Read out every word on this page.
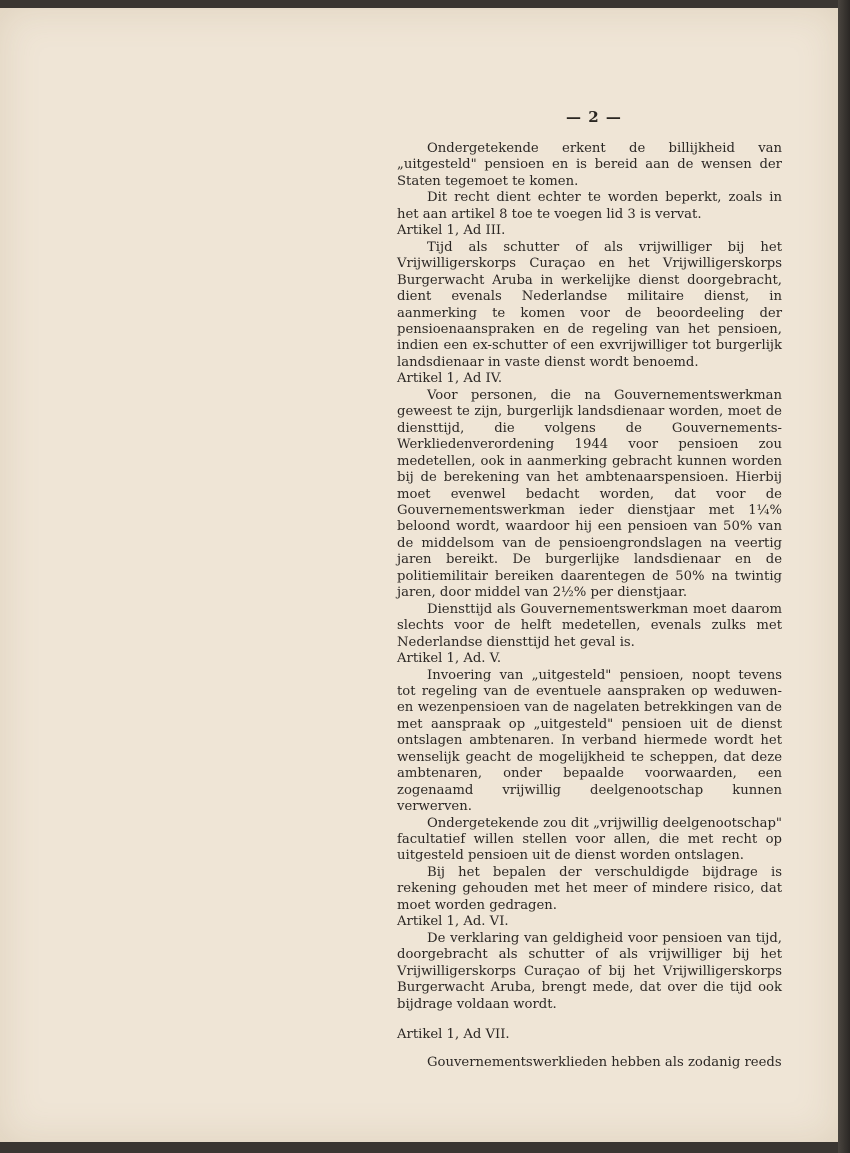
— 2 —

Ondergetekende erkent de billijkheid van „uitgesteld" pensioen en is bereid aan de wensen der Staten tegemoet te komen.

Dit recht dient echter te worden beperkt, zoals in het aan artikel 8 toe te voegen lid 3 is vervat.

Artikel 1, Ad III.

Tijd als schutter of als vrijwilliger bij het Vrijwilligerskorps Curaçao en het Vrijwilligerskorps Burgerwacht Aruba in werkelijke dienst doorgebracht, dient evenals Nederlandse militaire dienst, in aanmerking te komen voor de beoordeeling der pensioenaanspraken en de regeling van het pensioen, indien een ex-schutter of een exvrijwilliger tot burgerlijk landsdienaar in vaste dienst wordt benoemd.

Artikel 1, Ad IV.

Voor personen, die na Gouvernementswerkman geweest te zijn, burgerlijk landsdienaar worden, moet de diensttijd, die volgens de Gouvernements-Werkliedenverordening 1944 voor pensioen zou medetellen, ook in aanmerking gebracht kunnen worden bij de berekening van het ambtenaarspensioen. Hierbij moet evenwel bedacht worden, dat voor de Gouvernementswerkman ieder dienstjaar met 1¼% beloond wordt, waardoor hij een pensioen van 50% van de middelsom van de pensioengrondslagen na veertig jaren bereikt. De burgerlijke landsdienaar en de politiemilitair bereiken daarentegen de 50% na twintig jaren, door middel van 2½% per dienstjaar.

Diensttijd als Gouvernementswerkman moet daarom slechts voor de helft medetellen, evenals zulks met Nederlandse diensttijd het geval is.

Artikel 1, Ad. V.

Invoering van „uitgesteld" pensioen, noopt tevens tot regeling van de eventuele aanspraken op weduwen- en wezenpensioen van de nagelaten betrekkingen van de met aanspraak op „uitgesteld" pensioen uit de dienst ontslagen ambtenaren. In verband hiermede wordt het wenselijk geacht de mogelijkheid te scheppen, dat deze ambtenaren, onder bepaalde voorwaarden, een zogenaamd vrijwillig deelgenootschap kunnen verwerven.

Ondergetekende zou dit „vrijwillig deelgenootschap" facultatief willen stellen voor allen, die met recht op uitgesteld pensioen uit de dienst worden ontslagen.

Bij het bepalen der verschuldigde bijdrage is rekening gehouden met het meer of mindere risico, dat moet worden gedragen.

Artikel 1, Ad. VI.

De verklaring van geldigheid voor pensioen van tijd, doorgebracht als schutter of als vrijwilliger bij het Vrijwilligerskorps Curaçao of bij het Vrijwilligerskorps Burgerwacht Aruba, brengt mede, dat over die tijd ook bijdrage voldaan wordt.

Artikel 1, Ad VII.

Gouvernementswerklieden hebben als zodanig reeds
